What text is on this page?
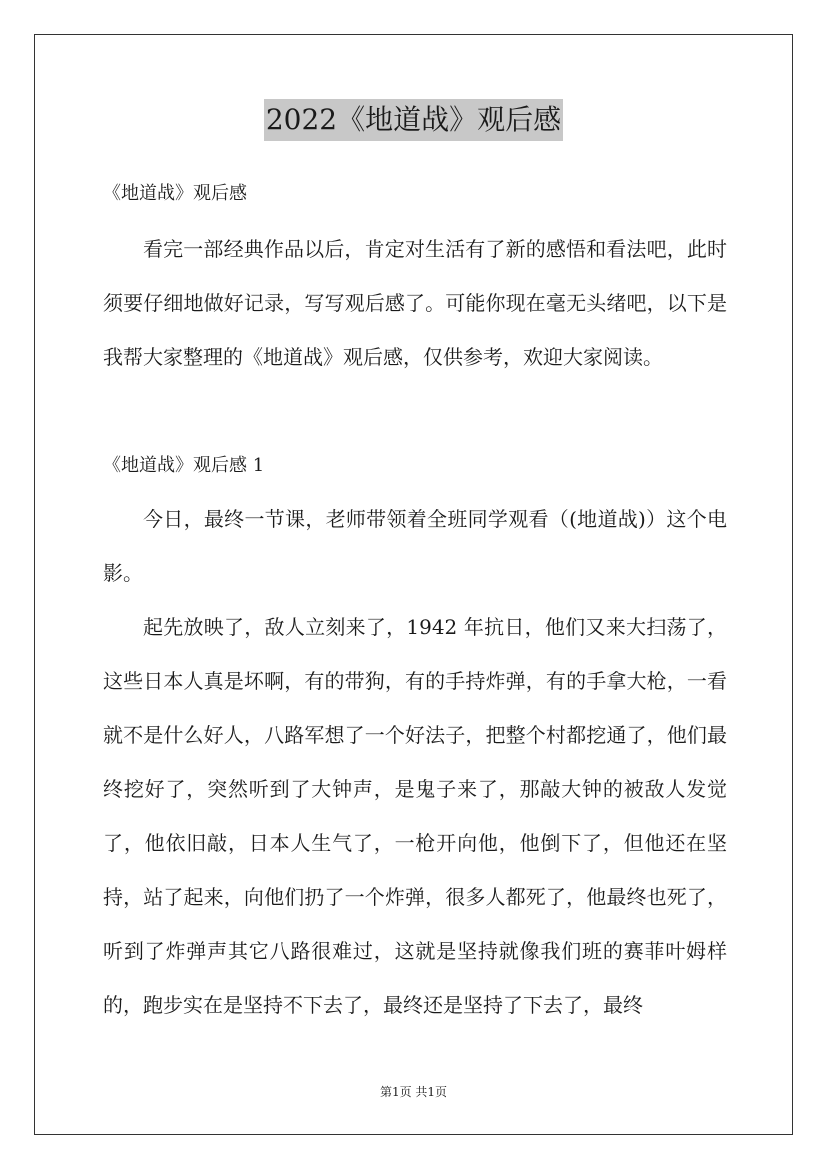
2022《地道战》观后感
《地道战》观后感

看完一部经典作品以后，肯定对生活有了新的感悟和看法吧，此时须要仔细地做好记录，写写观后感了。可能你现在毫无头绪吧，以下是我帮大家整理的《地道战》观后感，仅供参考，欢迎大家阅读。

《地道战》观后感 1

今日，最终一节课，老师带领着全班同学观看（(地道战)）这个电影。

起先放映了，敌人立刻来了，1942 年抗日，他们又来大扫荡了，这些日本人真是坏啊，有的带狗，有的手持炸弹，有的手拿大枪，一看就不是什么好人，八路军想了一个好法子，把整个村都挖通了，他们最终挖好了，突然听到了大钟声，是鬼子来了，那敲大钟的被敌人发觉了，他依旧敲，日本人生气了，一枪开向他，他倒下了，但他还在坚持，站了起来，向他们扔了一个炸弹，很多人都死了，他最终也死了，听到了炸弹声其它八路很难过，这就是坚持就像我们班的赛菲叶姆样的，跑步实在是坚持不下去了，最终还是坚持了下去了，最终

第1页 共1页
